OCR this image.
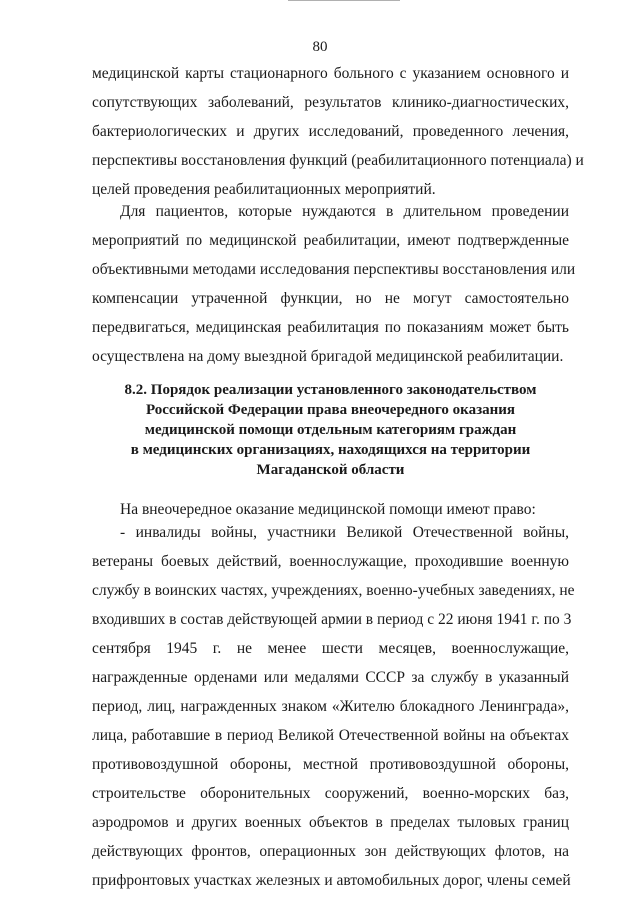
80
медицинской карты стационарного больного с указанием основного и
сопутствующих заболеваний, результатов клинико-диагностических,
бактериологических и других исследований, проведенного лечения,
перспективы восстановления функций (реабилитационного потенциала) и
целей проведения реабилитационных мероприятий.
Для пациентов, которые нуждаются в длительном проведении
мероприятий по медицинской реабилитации, имеют подтвержденные
объективными методами исследования перспективы восстановления или
компенсации утраченной функции, но не могут самостоятельно
передвигаться, медицинская реабилитация по показаниям может быть
осуществлена на дому выездной бригадой медицинской реабилитации.
8.2. Порядок реализации установленного законодательством
Российской Федерации права внеочередного оказания
медицинской помощи отдельным категориям граждан
в медицинских организациях, находящихся на территории
Магаданской области
На внеочередное оказание медицинской помощи имеют право:
- инвалиды войны, участники Великой Отечественной войны,
ветераны боевых действий, военнослужащие, проходившие военную
службу в воинских частях, учреждениях, военно-учебных заведениях, не
входивших в состав действующей армии в период с 22 июня 1941 г. по 3
сентября 1945 г. не менее шести месяцев, военнослужащие,
награжденные орденами или медалями СССР за службу в указанный
период, лиц, награжденных знаком «Жителю блокадного Ленинграда»,
лица, работавшие в период Великой Отечественной войны на объектах
противовоздушной обороны, местной противовоздушной обороны,
строительстве оборонительных сооружений, военно-морских баз,
аэродромов и других военных объектов в пределах тыловых границ
действующих фронтов, операционных зон действующих флотов, на
прифронтовых участках железных и автомобильных дорог, члены семей
